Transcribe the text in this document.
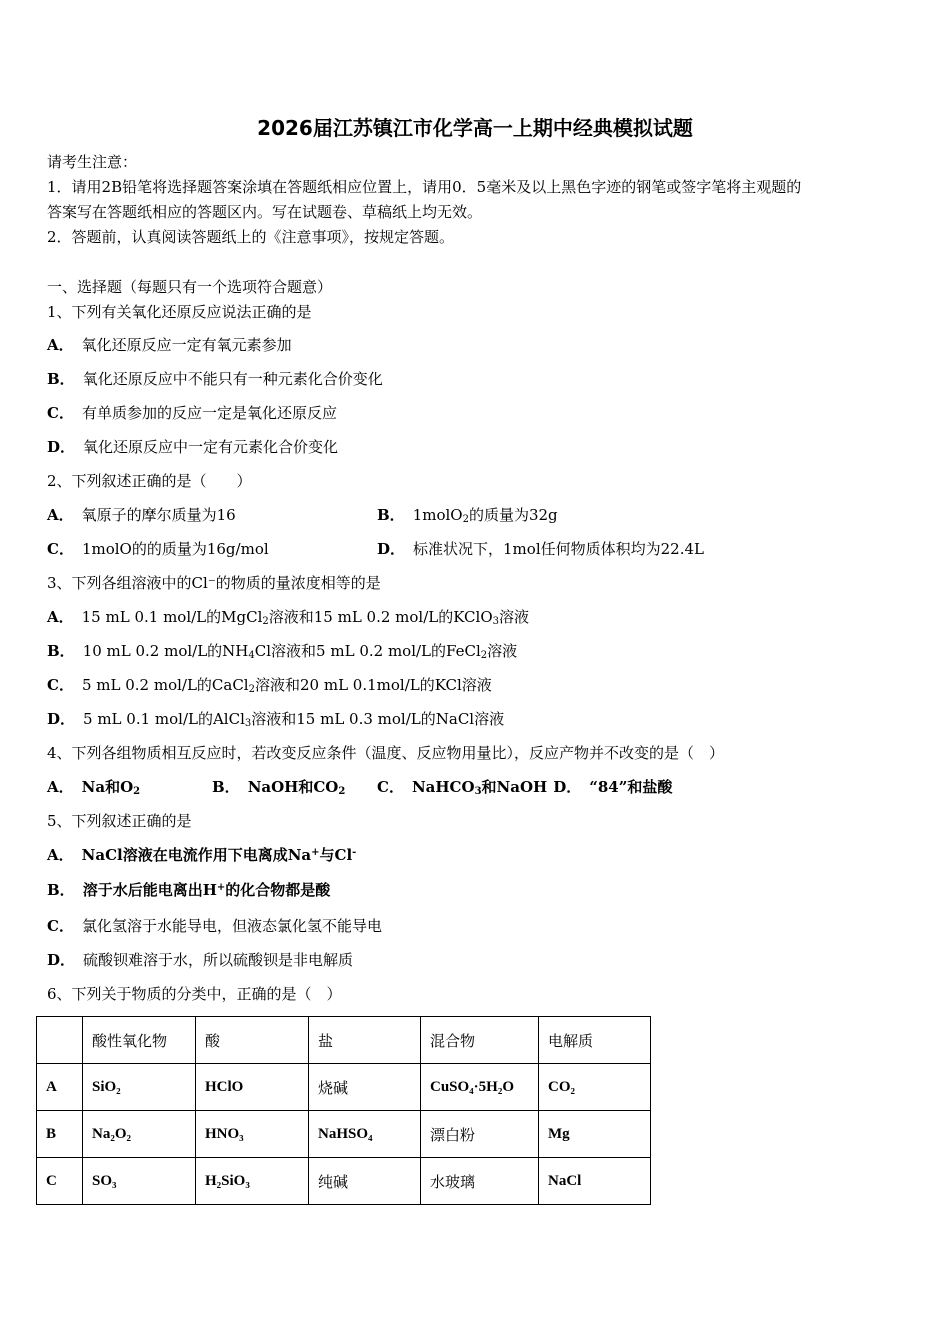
2026届江苏镇江市化学高一上期中经典模拟试题
请考生注意：
1．请用2B铅笔将选择题答案涂填在答题纸相应位置上，请用0．5毫米及以上黑色字迹的钢笔或签字笔将主观题的
答案写在答题纸相应的答题区内。写在试题卷、草稿纸上均无效。
2．答题前，认真阅读答题纸上的《注意事项》，按规定答题。
一、选择题（每题只有一个选项符合题意）
1、下列有关氧化还原反应说法正确的是
A． 氧化还原反应一定有氧元素参加
B． 氧化还原反应中不能只有一种元素化合价变化
C． 有单质参加的反应一定是氧化还原反应
D． 氧化还原反应中一定有元素化合价变化
2、下列叙述正确的是（　　）
A． 氧原子的摩尔质量为16	B． 1molO$_2$的质量为32g
C． 1molO的的质量为16g/mol	D． 标准状况下，1mol任何物质体积均为22.4L
3、下列各组溶液中的Cl⁻的物质的量浓度相等的是
A． 15 mL 0.1 mol/L的MgCl$_2$溶液和15 mL 0.2 mol/L的KClO$_3$溶液
B． 10 mL 0.2 mol/L的$NH_4Cl$溶液和5 mL 0.2 mol/L的FeCl$_2$溶液
C． 5 mL 0.2 mol/L的CaCl$_2$溶液和20 mL 0.1mol/L的KCl溶液
D． 5 mL 0.1 mol/L的AlCl$_3$溶液和15 mL 0.3 mol/L的NaCl溶液
4、下列各组物质相互反应时，若改变反应条件（温度、反应物用量比），反应产物并不改变的是（　）
A． Na和$O_2$	B． NaOH和$CO_2$ C． NaHCO$_3$和NaOH D． “84”和盐酸
5、下列叙述正确的是
A． NaCl溶液在电流作用下电离成Na+与Cl-
B． 溶于水后能电离出H+的化合物都是酸
C． 氯化氢溶于水能导电，但液态氯化氢不能导电
D． 硫酸钡难溶于水，所以硫酸钡是非电解质
6、下列关于物质的分类中，正确的是（　）
	酸性氧化物	酸	盐	混合物	电解质
A	SiO₂	HClO	烧碱	CuSO₄·5H₂O	CO₂
B	Na₂O₂	HNO₃	NaHSO₄	漂白粉	Mg
C	SO₃	H₂SiO₃	纯碱	水玻璃	NaCl
